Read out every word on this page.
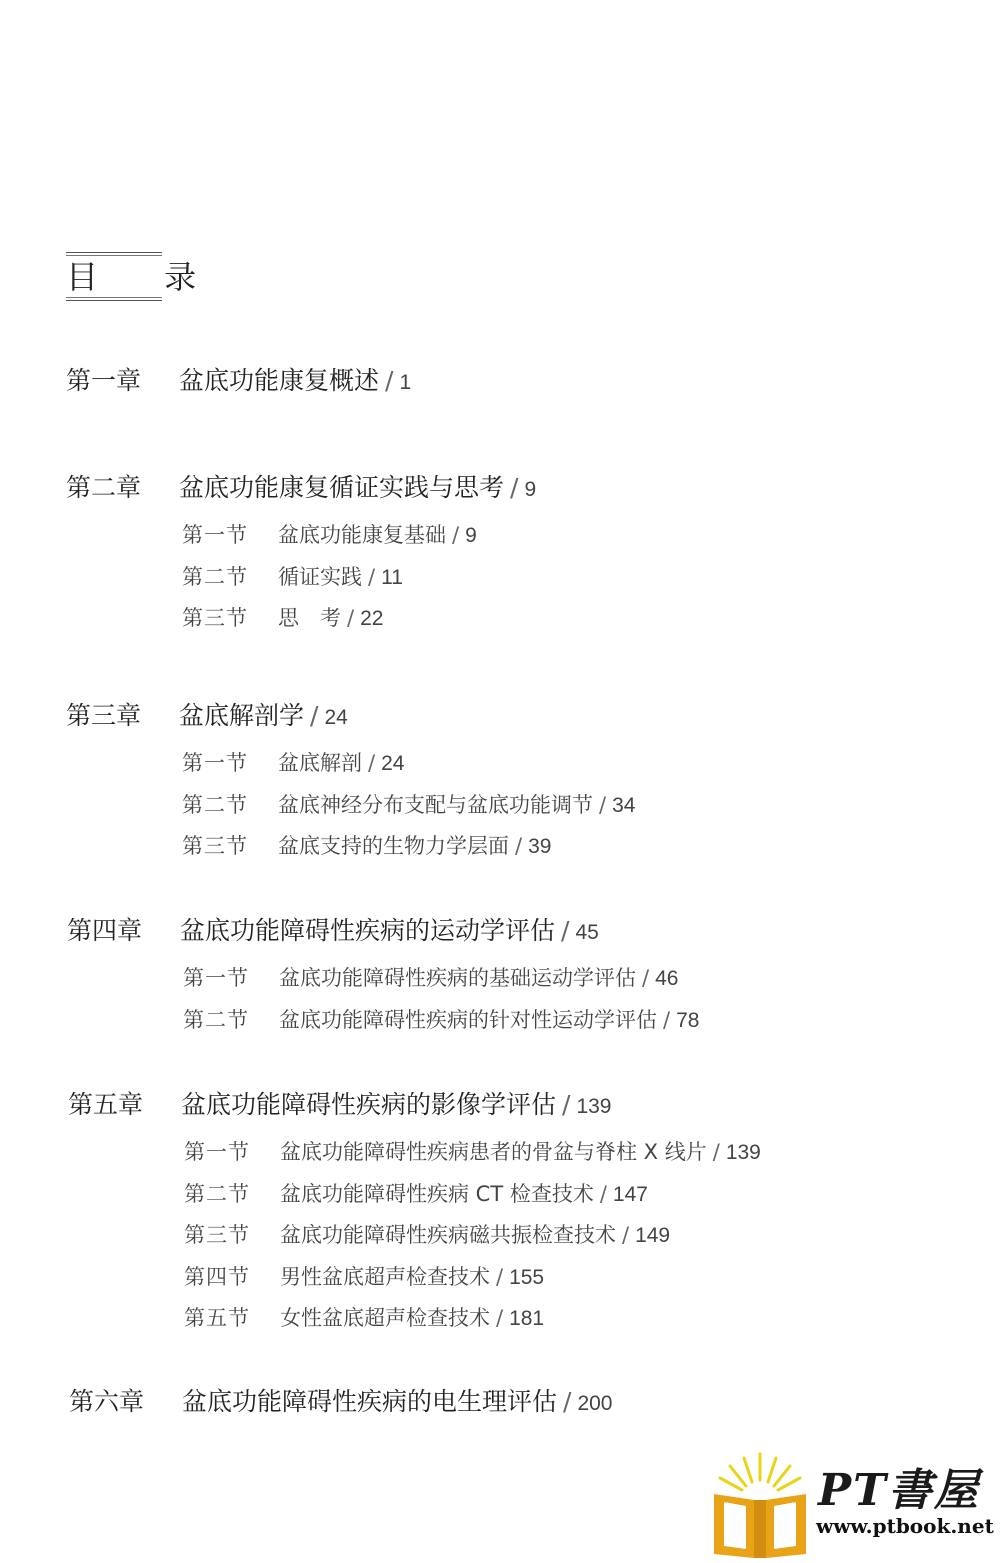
目 录
第一章 盆底功能康复概述 / 1
第二章 盆底功能康复循证实践与思考 / 9
第一节 盆底功能康复基础 / 9
第二节 循证实践 / 11
第三节 思　考 / 22
第三章 盆底解剖学 / 24
第一节 盆底解剖 / 24
第二节 盆底神经分布支配与盆底功能调节 / 34
第三节 盆底支持的生物力学层面 / 39
第四章 盆底功能障碍性疾病的运动学评估 / 45
第一节 盆底功能障碍性疾病的基础运动学评估 / 46
第二节 盆底功能障碍性疾病的针对性运动学评估 / 78
第五章 盆底功能障碍性疾病的影像学评估 / 139
第一节 盆底功能障碍性疾病患者的骨盆与脊柱 X 线片 / 139
第二节 盆底功能障碍性疾病 CT 检查技术 / 147
第三节 盆底功能障碍性疾病磁共振检查技术 / 149
第四节 男性盆底超声检查技术 / 155
第五节 女性盆底超声检查技术 / 181
第六章 盆底功能障碍性疾病的电生理评估 / 200
PT書屋
www.ptbook.net
